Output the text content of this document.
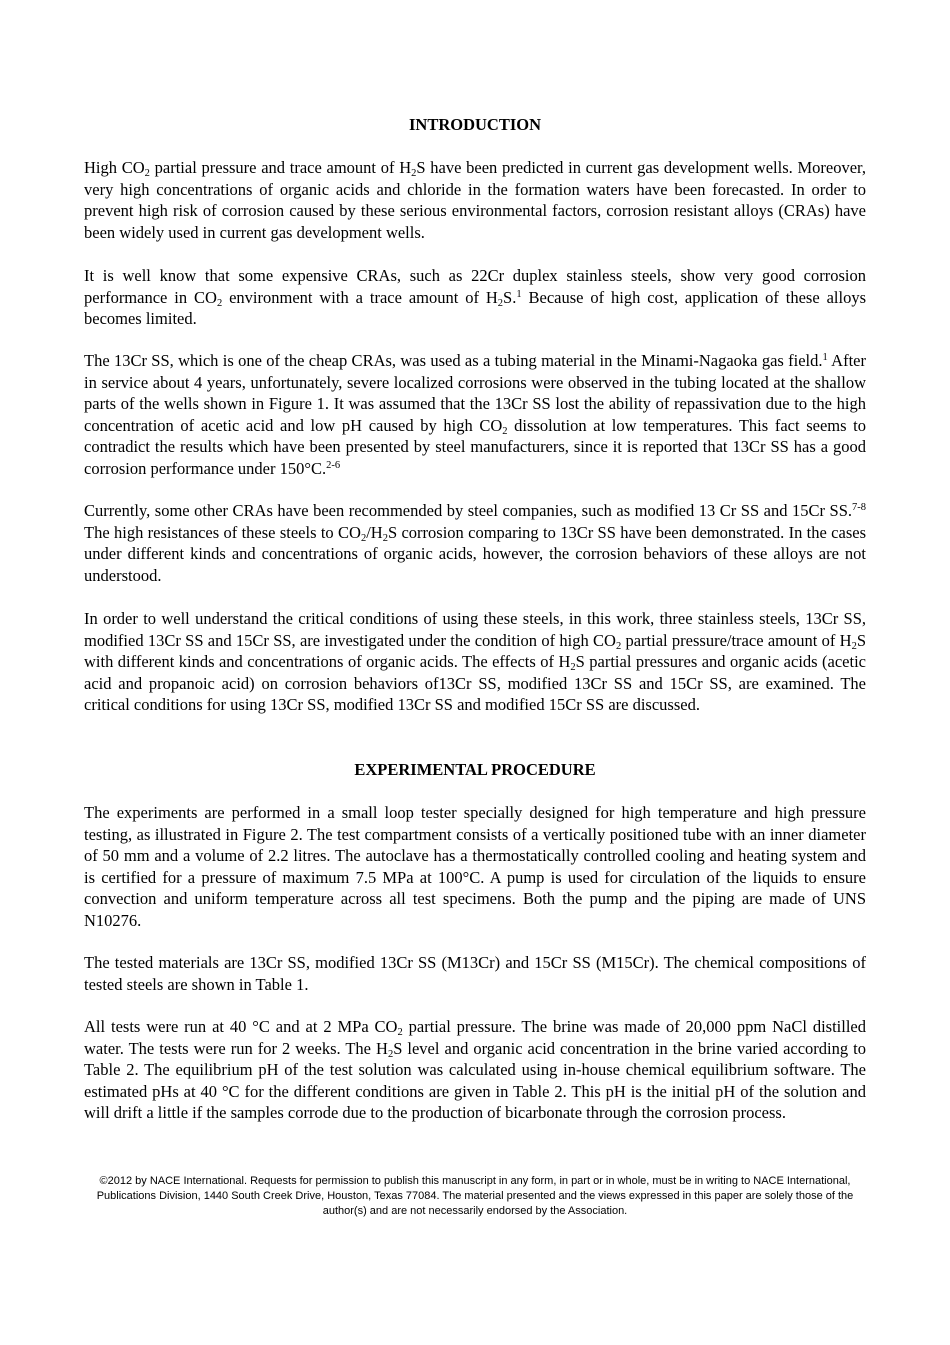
INTRODUCTION

High $CO_2$ partial pressure and trace amount of $H_2S$ have been predicted in current gas development wells. Moreover, very high concentrations of organic acids and chloride in the formation waters have been forecasted. In order to prevent high risk of corrosion caused by these serious environmental factors, corrosion resistant alloys (CRAs) have been widely used in current gas development wells.

It is well know that some expensive CRAs, such as 22Cr duplex stainless steels, show very good corrosion performance in $CO_2$ environment with a trace amount of $H_2S.^1$ Because of high cost, application of these alloys becomes limited.

The 13Cr SS, which is one of the cheap CRAs, was used as a tubing material in the Minami-Nagaoka gas field.$^1$ After in service about 4 years, unfortunately, severe localized corrosions were observed in the tubing located at the shallow parts of the wells shown in Figure 1. It was assumed that the 13Cr SS lost the ability of repassivation due to the high concentration of acetic acid and low pH caused by high $CO_2$ dissolution at low temperatures. This fact seems to contradict the results which have been presented by steel manufacturers, since it is reported that 13Cr SS has a good corrosion performance under 150°C.$^{2-6}$

Currently, some other CRAs have been recommended by steel companies, such as modified 13 Cr SS and 15Cr SS.$^{7-8}$ The high resistances of these steels to $CO_2/H_2S$ corrosion comparing to 13Cr SS have been demonstrated. In the cases under different kinds and concentrations of organic acids, however, the corrosion behaviors of these alloys are not understood.

In order to well understand the critical conditions of using these steels, in this work, three stainless steels, 13Cr SS, modified 13Cr SS and 15Cr SS, are investigated under the condition of high $CO_2$ partial pressure/trace amount of $H_2S$ with different kinds and concentrations of organic acids. The effects of $H_2S$ partial pressures and organic acids (acetic acid and propanoic acid) on corrosion behaviors of13Cr SS, modified 13Cr SS and 15Cr SS, are examined. The critical conditions for using 13Cr SS, modified 13Cr SS and modified 15Cr SS are discussed.

EXPERIMENTAL PROCEDURE

The experiments are performed in a small loop tester specially designed for high temperature and high pressure testing, as illustrated in Figure 2. The test compartment consists of a vertically positioned tube with an inner diameter of 50 mm and a volume of 2.2 litres. The autoclave has a thermostatically controlled cooling and heating system and is certified for a pressure of maximum 7.5 MPa at 100°C. A pump is used for circulation of the liquids to ensure convection and uniform temperature across all test specimens. Both the pump and the piping are made of UNS N10276.

The tested materials are 13Cr SS, modified 13Cr SS (M13Cr) and 15Cr SS (M15Cr). The chemical compositions of tested steels are shown in Table 1.

All tests were run at 40 °C and at 2 MPa $CO_2$ partial pressure. The brine was made of 20,000 ppm NaCl distilled water. The tests were run for 2 weeks. The $H_2S$ level and organic acid concentration in the brine varied according to Table 2. The equilibrium pH of the test solution was calculated using in-house chemical equilibrium software. The estimated pHs at 40 °C for the different conditions are given in Table 2. This pH is the initial pH of the solution and will drift a little if the samples corrode due to the production of bicarbonate through the corrosion process.

©2012 by NACE International. Requests for permission to publish this manuscript in any form, in part or in whole, must be in writing to NACE International,
Publications Division, 1440 South Creek Drive, Houston, Texas 77084. The material presented and the views expressed in this paper are solely those of the
author(s) and are not necessarily endorsed by the Association.
